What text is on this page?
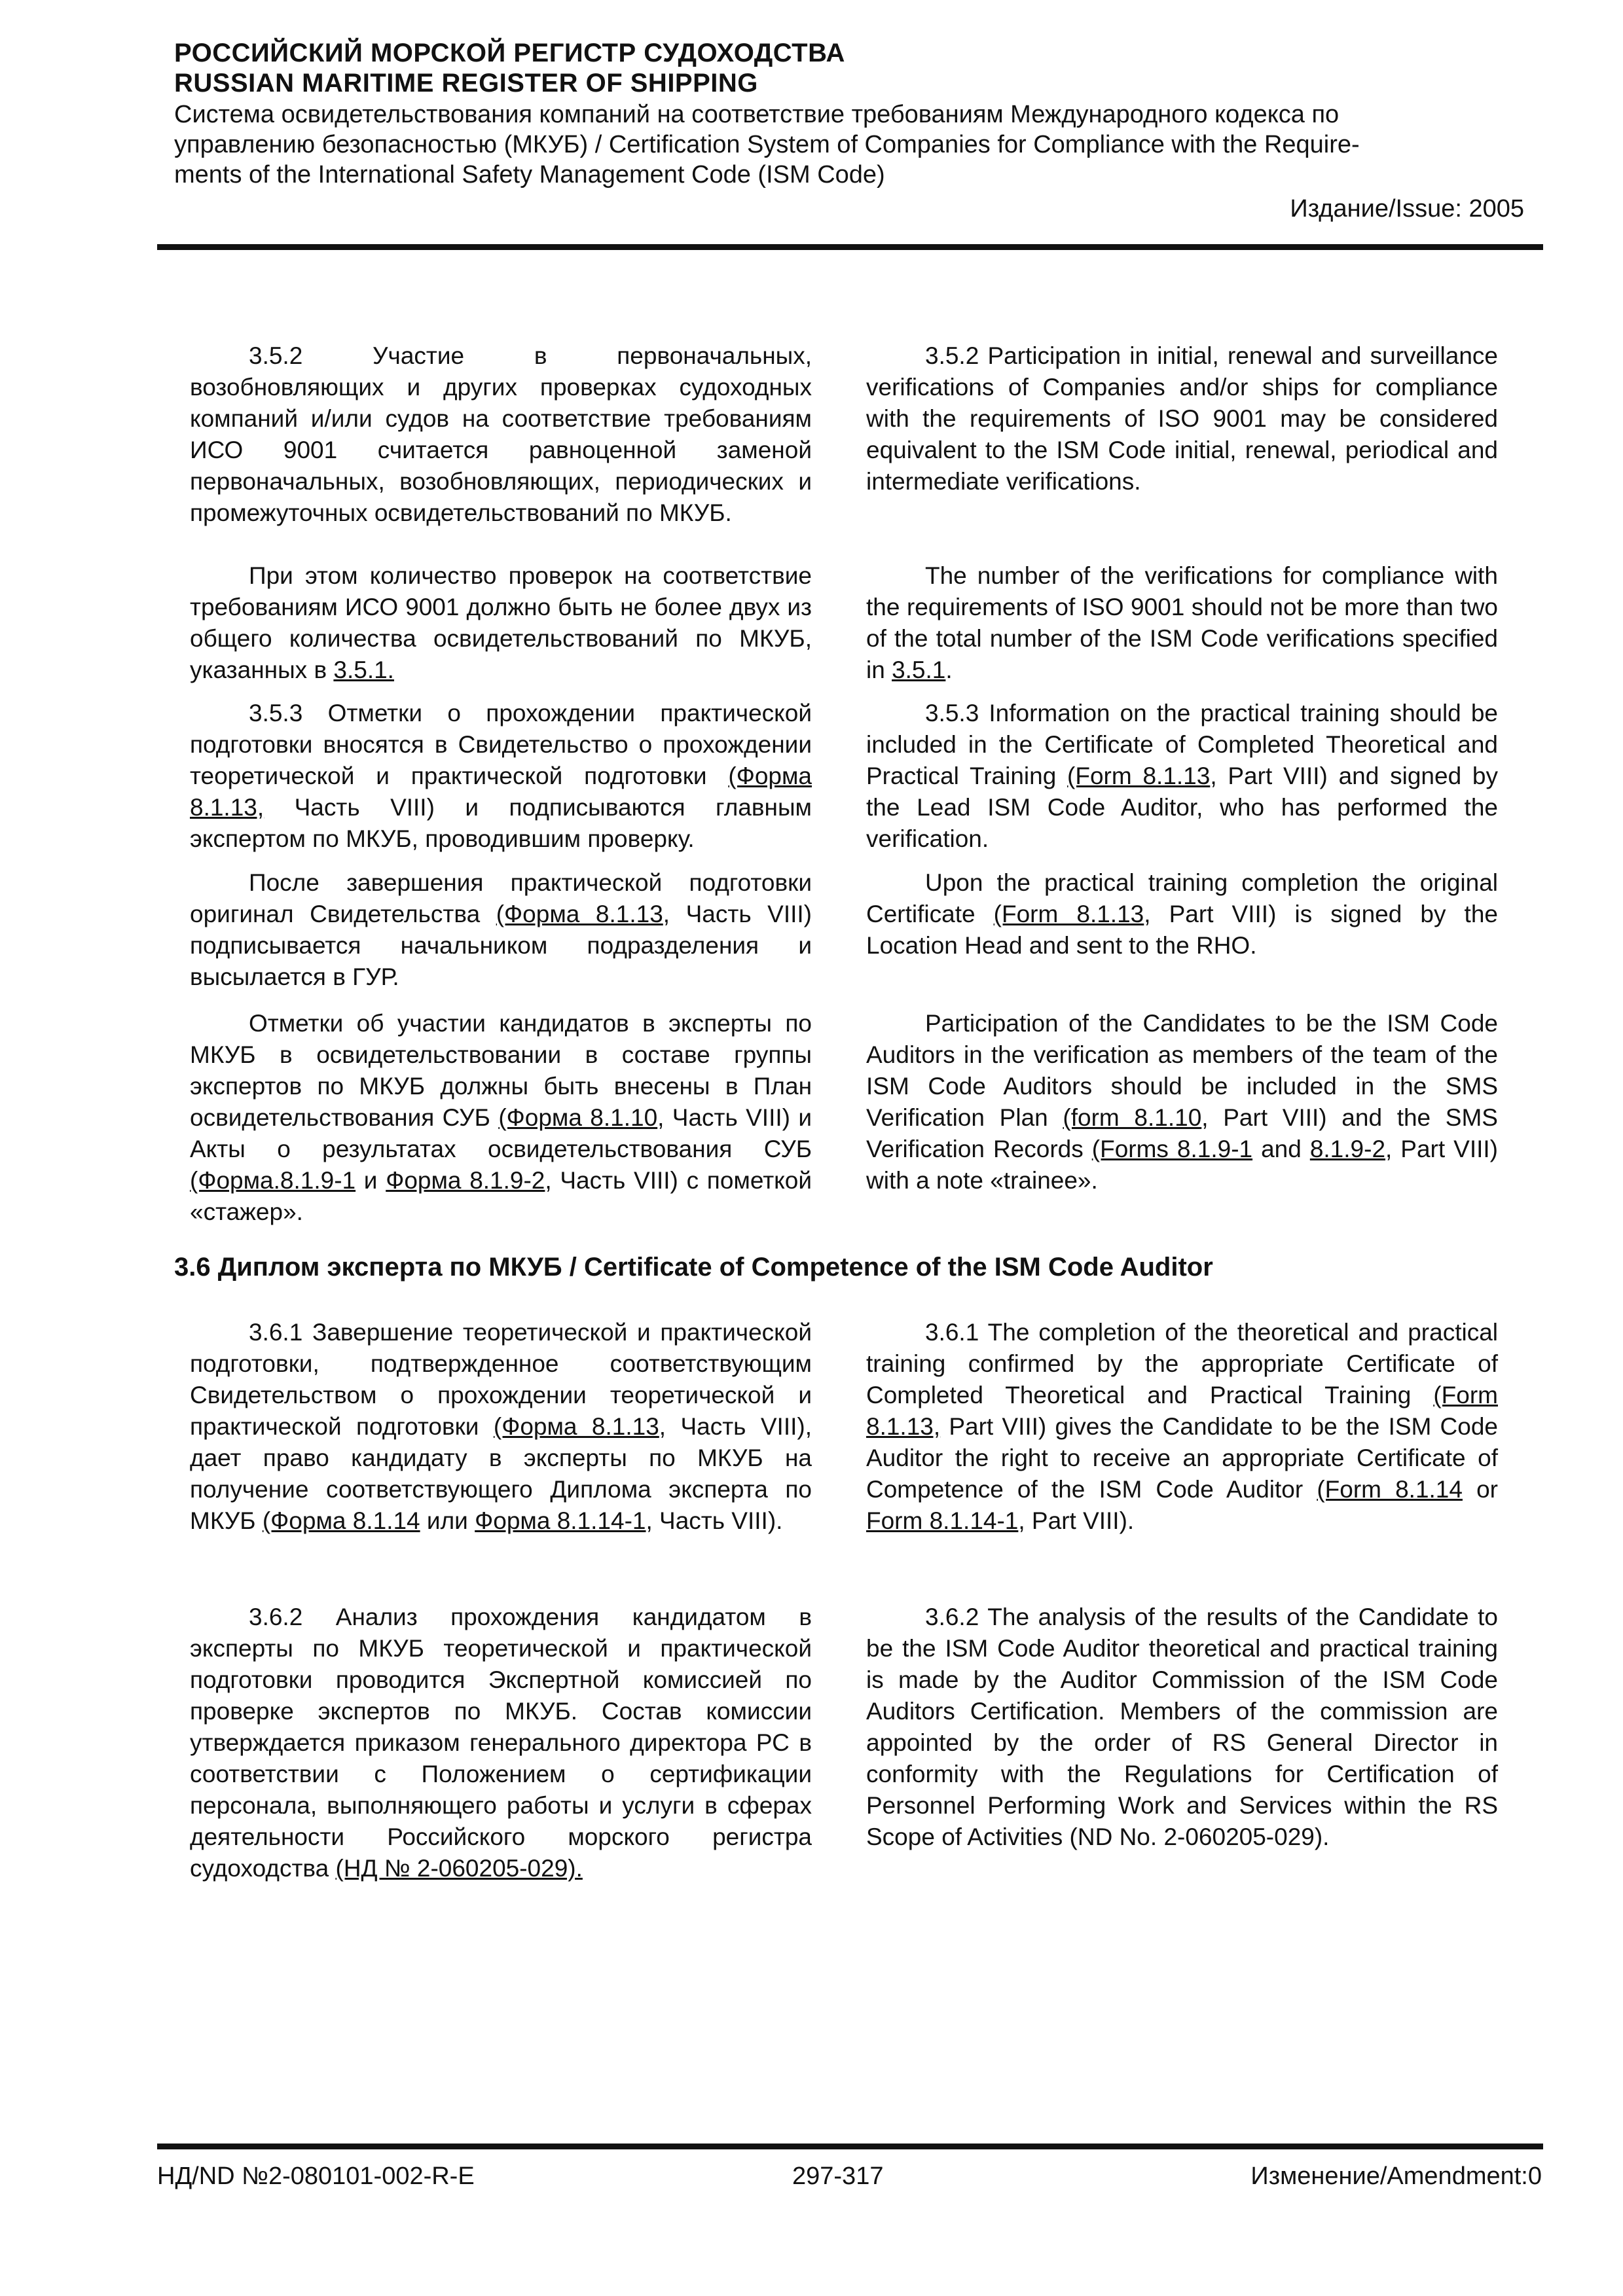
РОССИЙСКИЙ МОРСКОЙ РЕГИСТР СУДОХОДСТВА
RUSSIAN MARITIME REGISTER OF SHIPPING
Система освидетельствования компаний на соответствие требованиям Международного кодекса по
управлению безопасностью (МКУБ) / Certification System of Companies for Compliance with the Require-
ments of the International Safety Management Code (ISM Code)
Издание/Issue: 2005

3.5.2 Участие в первоначальных, возобновляющих и других проверках судоходных компаний и/или судов на соответствие требованиям ИСО 9001 считается равноценной заменой первоначальных, возобновляющих, периодических и промежуточных освидетельствований по МКУБ.

3.5.2 Participation in initial, renewal and surveillance verifications of Companies and/or ships for compliance with the requirements of ISO 9001 may be considered equivalent to the ISM Code initial, renewal, periodical and intermediate verifications.

При этом количество проверок на соответствие требованиям ИСО 9001 должно быть не более двух из общего количества освидетельствований по МКУБ, указанных в 3.5.1.

The number of the verifications for compliance with the requirements of ISO 9001 should not be more than two of the total number of the ISM Code verifications specified in 3.5.1.

3.5.3 Отметки о прохождении практической подготовки вносятся в Свидетельство о прохождении теоретической и практической подготовки (Форма 8.1.13, Часть VIII) и подписываются главным экспертом по МКУБ, проводившим проверку.

3.5.3 Information on the practical training should be included in the Certificate of Completed Theoretical and Practical Training (Form 8.1.13, Part VIII) and signed by the Lead ISM Code Auditor, who has performed the verification.

После завершения практической подготовки оригинал Свидетельства (Форма 8.1.13, Часть VIII) подписывается начальником подразделения и высылается в ГУР.

Upon the practical training completion the original Certificate (Form 8.1.13, Part VIII) is signed by the Location Head and sent to the RHO.

Отметки об участии кандидатов в эксперты по МКУБ в освидетельствовании в составе группы экспертов по МКУБ должны быть внесены в План освидетельствования СУБ (Форма 8.1.10, Часть VIII) и Акты о результатах освидетельствования СУБ (Форма.8.1.9-1 и Форма 8.1.9-2, Часть VIII) с пометкой «стажер».

Participation of the Candidates to be the ISM Code Auditors in the verification as members of the team of the ISM Code Auditors should be included in the SMS Verification Plan (form 8.1.10, Part VIII) and the SMS Verification Records (Forms 8.1.9-1 and 8.1.9-2, Part VIII) with a note «trainee».

3.6 Диплом эксперта по МКУБ / Certificate of Competence of the ISM Code Auditor

3.6.1 Завершение теоретической и практической подготовки, подтвержденное соответствующим Свидетельством о прохождении теоретической и практической подготовки (Форма 8.1.13, Часть VIII), дает право кандидату в эксперты по МКУБ на получение соответствующего Диплома эксперта по МКУБ (Форма 8.1.14 или Форма 8.1.14-1, Часть VIII).

3.6.1 The completion of the theoretical and practical training confirmed by the appropriate Certificate of Completed Theoretical and Practical Training (Form 8.1.13, Part VIII) gives the Candidate to be the ISM Code Auditor the right to receive an appropriate Certificate of Competence of the ISM Code Auditor (Form 8.1.14 or Form 8.1.14-1, Part VIII).

3.6.2 Анализ прохождения кандидатом в эксперты по МКУБ теоретической и практической подготовки проводится Экспертной комиссией по проверке экспертов по МКУБ. Состав комиссии утверждается приказом генерального директора РС в соответствии с Положением о сертификации персонала, выполняющего работы и услуги в сферах деятельности Российского морского регистра судоходства (НД № 2-060205-029).

3.6.2 The analysis of the results of the Candidate to be the ISM Code Auditor theoretical and practical training is made by the Auditor Commission of the ISM Code Auditors Certification. Members of the commission are appointed by the order of RS General Director in conformity with the Regulations for Certification of Personnel Performing Work and Services within the RS Scope of Activities (ND No. 2-060205-029).

НД/ND №2-080101-002-R-E	297-317	Изменение/Amendment:0
